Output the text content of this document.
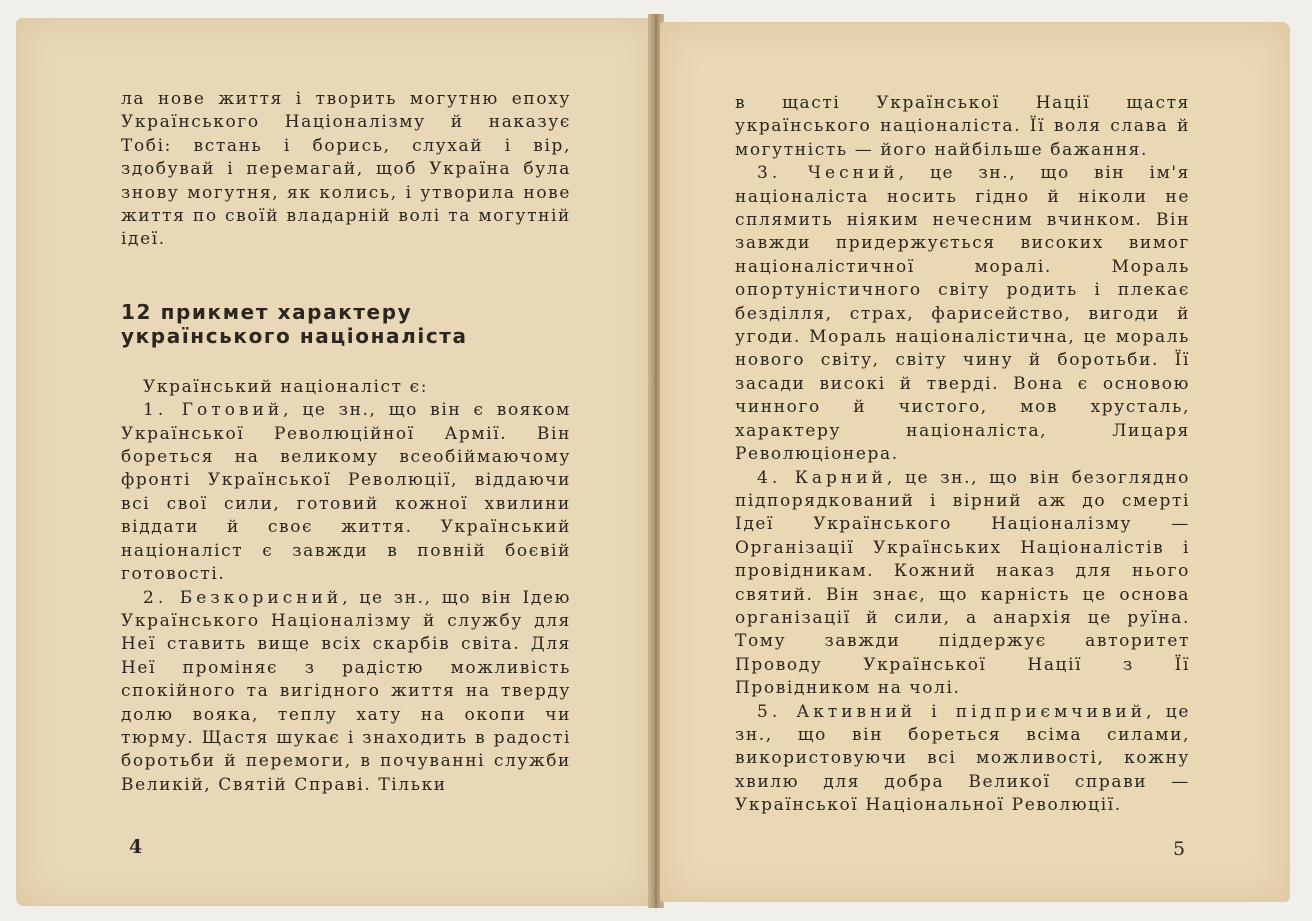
ла нове життя і творить могутню епоху Українського Націоналізму й наказує Тобі: встань і борись, слухай і вір, здобувай і перемагай, щоб Україна була знову могутня, як колись, і утворила нове життя по своїй владарній волі та могутній ідеї.

12 прикмет характеру
українського націоналіста

Український націоналіст є:

1. Готовий, це зн., що він є вояком Української Революційної Армії. Він бореться на великому всеобіймаючому фронті Української Революції, віддаючи всі свої сили, готовий кожної хвилини віддати й своє життя. Український націоналіст є завжди в повній боєвій готовості.

2. Безкорисний, це зн., що він Ідею Українського Націоналізму й службу для Неї ставить вище всіх скарбів світа. Для Неї проміняє з радістю можливість спокійного та вигідного життя на тверду долю вояка, теплу хату на окопи чи тюрму. Щастя шукає і знаходить в радості боротьби й перемоги, в почуванні служби Великій, Святій Справі. Тільки

4

в щасті Української Нації щастя українського націоналіста. Її воля слава й могутність — його найбільше бажання.

3. Чесний, це зн., що він ім'я націоналіста носить гідно й ніколи не сплямить ніяким нечесним вчинком. Він завжди придержується високих вимог націоналістичної моралі. Мораль опортуністичного світу родить і плекає безділля, страх, фарисейство, вигоди й угоди. Мораль націоналістична, це мораль нового світу, світу чину й боротьби. Її засади високі й тверді. Вона є основою чинного й чистого, мов хрусталь, характеру націоналіста, Лицаря Революціонера.

4. Карний, це зн., що він безоглядно підпорядкований і вірний аж до смерті Ідеї Українського Націоналізму — Організації Українських Націоналістів і провідникам. Кожний наказ для нього святий. Він знає, що карність це основа організації й сили, а анархія це руїна. Тому завжди піддержує авторитет Проводу Української Нації з Її Провідником на чолі.

5. Активний і підприємчивий, це зн., що він бореться всіма силами, використовуючи всі можливості, кожну хвилю для добра Великої справи — Української Національної Революції.

5
